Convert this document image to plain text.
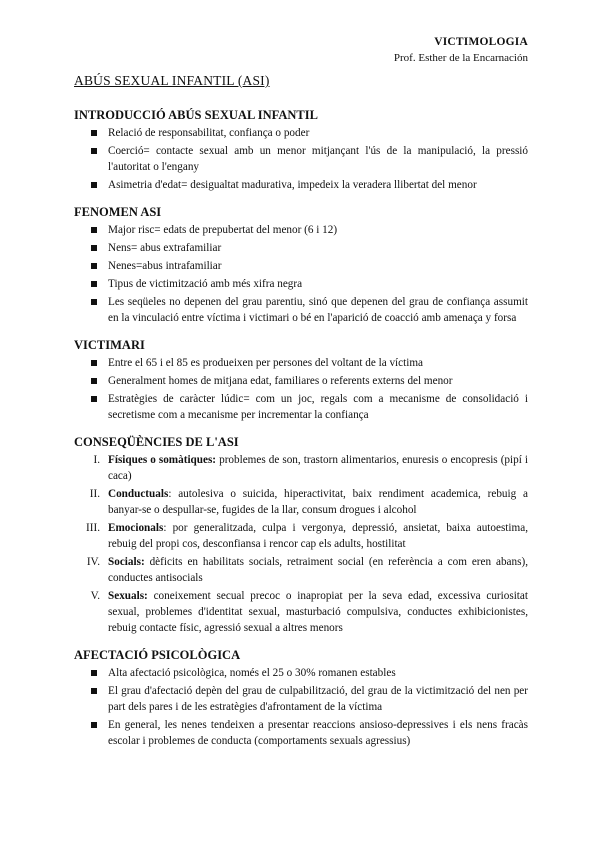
VICTIMOLOGIA
Prof. Esther de la Encarnación
ABÚS SEXUAL INFANTIL (ASI)
INTRODUCCIÓ ABÚS SEXUAL INFANTIL
Relació de responsabilitat, confiança o poder
Coerció= contacte sexual amb un menor mitjançant l'ús de la manipulació, la pressió l'autoritat o l'engany
Asimetria d'edat= desigualtat madurativa, impedeix la veradera llibertat del menor
FENOMEN ASI
Major risc= edats de prepubertat del menor (6 i 12)
Nens= abus extrafamiliar
Nenes=abus intrafamiliar
Tipus de victimització amb més xifra negra
Les seqüeles no depenen del grau parentiu, sinó que depenen del grau de confiança assumit en la vinculació entre víctima i victimari o bé en l'aparició de coacció amb amenaça y forsa
VICTIMARI
Entre el 65 i el 85 es produeixen per persones del voltant de la víctima
Generalment homes de mitjana edat, familiares o referents externs del menor
Estratègies de caràcter lúdic= com un joc, regals com a mecanisme de consolidació i secretisme com a mecanisme per incrementar la confiança
CONSEQÜÈNCIES DE L'ASI
I. Físiques o somàtiques: problemes de son, trastorn alimentarios, enuresis o encopresis (pipí i caca)
II. Conductuals: autolesiva o suicida, hiperactivitat, baix rendiment academica, rebuig a banyar-se o despullar-se, fugides de la llar, consum drogues i alcohol
III. Emocionals: por generalitzada, culpa i vergonya, depressió, ansietat, baixa autoestima, rebuig del propi cos, desconfiansa i rencor cap els adults, hostilitat
IV. Socials: dèficits en habilitats socials, retraiment social (en referència a com eren abans), conductes antisocials
V. Sexuals: coneixement secual precoc o inapropiat per la seva edad, excessiva curiositat sexual, problemes d'identitat sexual, masturbació compulsiva, conductes exhibicionistes, rebuig contacte físic, agressió sexual a altres menors
AFECTACIÓ PSICOLÒGICA
Alta afectació psicològica, només el 25 o 30% romanen estables
El grau d'afectació depèn del grau de culpabilització, del grau de la victimització del nen per part dels pares i de les estratègies d'afrontament de la víctima
En general, les nenes tendeixen a presentar reaccions ansioso-depressives i els nens fracàs escolar i problemes de conducta (comportaments sexuals agressius)
